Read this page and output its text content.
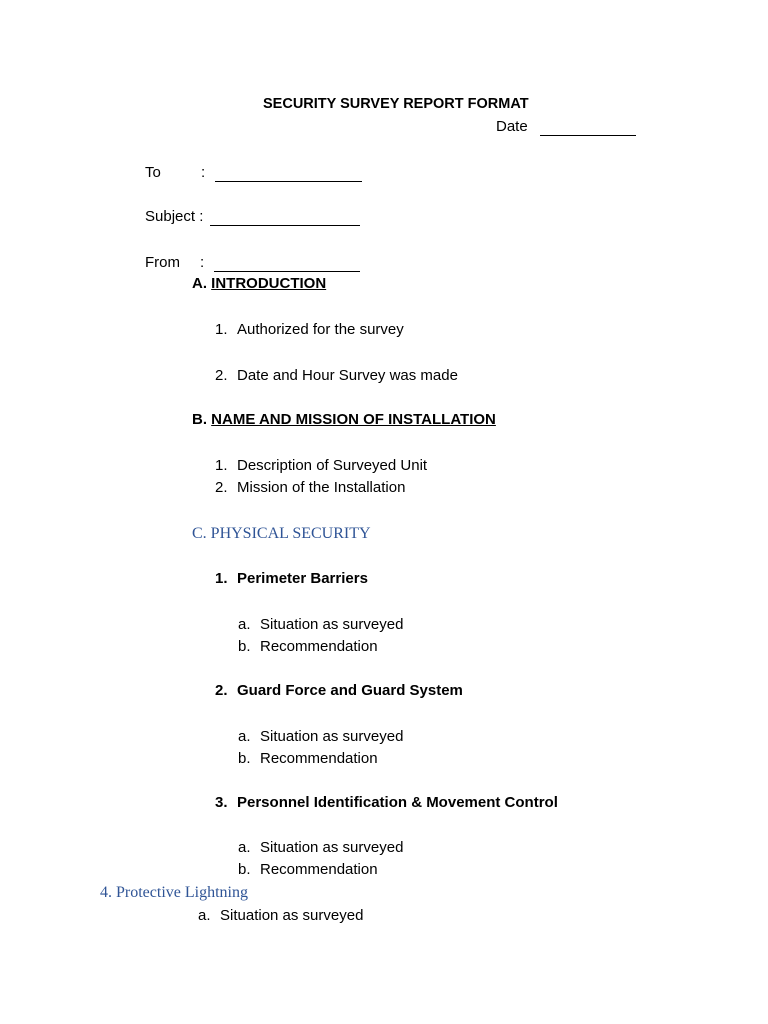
SECURITY SURVEY REPORT FORMAT
Date
To	:
Subject :
From :
A. INTRODUCTION
1. Authorized for the survey
2. Date and Hour Survey was made
B. NAME AND MISSION OF INSTALLATION
1. Description of Surveyed Unit
2. Mission of the Installation
C. PHYSICAL SECURITY
1. Perimeter Barriers
a. Situation as surveyed
b. Recommendation
2. Guard Force and Guard System
a. Situation as surveyed
b. Recommendation
3. Personnel Identification & Movement Control
a. Situation as surveyed
b. Recommendation
4. Protective Lightning
a. Situation as surveyed
